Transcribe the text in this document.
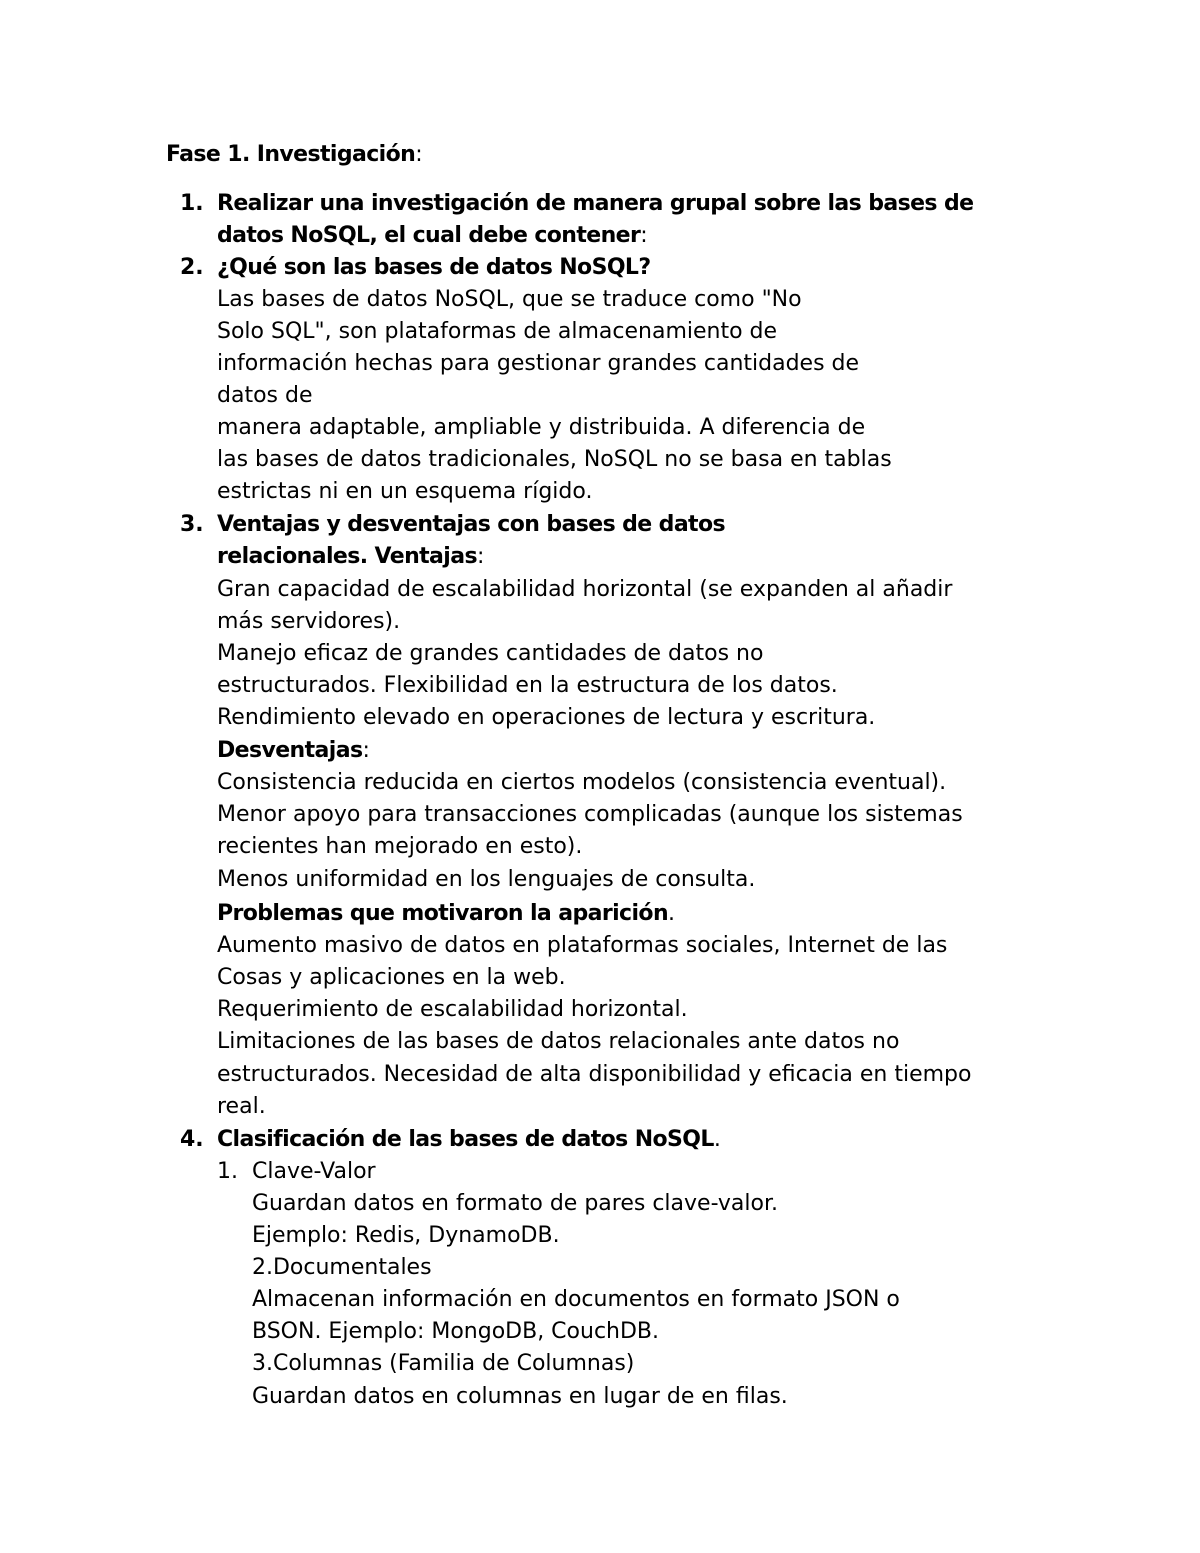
Fase 1. Investigación:
1. Realizar una investigación de manera grupal sobre las bases de
datos NoSQL, el cual debe contener:
2. ¿Qué son las bases de datos NoSQL?
Las bases de datos NoSQL, que se traduce como "No
Solo SQL", son plataformas de almacenamiento de
información hechas para gestionar grandes cantidades de
datos de
manera adaptable, ampliable y distribuida. A diferencia de
las bases de datos tradicionales, NoSQL no se basa en tablas
estrictas ni en un esquema rígido.
3. Ventajas y desventajas con bases de datos
relacionales. Ventajas:
Gran capacidad de escalabilidad horizontal (se expanden al añadir
más servidores).
Manejo eficaz de grandes cantidades de datos no
estructurados. Flexibilidad en la estructura de los datos.
Rendimiento elevado en operaciones de lectura y escritura.
Desventajas:
Consistencia reducida en ciertos modelos (consistencia eventual).
Menor apoyo para transacciones complicadas (aunque los sistemas
recientes han mejorado en esto).
Menos uniformidad en los lenguajes de consulta.
Problemas que motivaron la aparición.
Aumento masivo de datos en plataformas sociales, Internet de las
Cosas y aplicaciones en la web.
Requerimiento de escalabilidad horizontal.
Limitaciones de las bases de datos relacionales ante datos no
estructurados. Necesidad de alta disponibilidad y eficacia en tiempo
real.
4. Clasificación de las bases de datos NoSQL.
1. Clave-Valor
Guardan datos en formato de pares clave-valor.
Ejemplo: Redis, DynamoDB.
2.Documentales
Almacenan información en documentos en formato JSON o
BSON. Ejemplo: MongoDB, CouchDB.
3.Columnas (Familia de Columnas)
Guardan datos en columnas en lugar de en filas.
